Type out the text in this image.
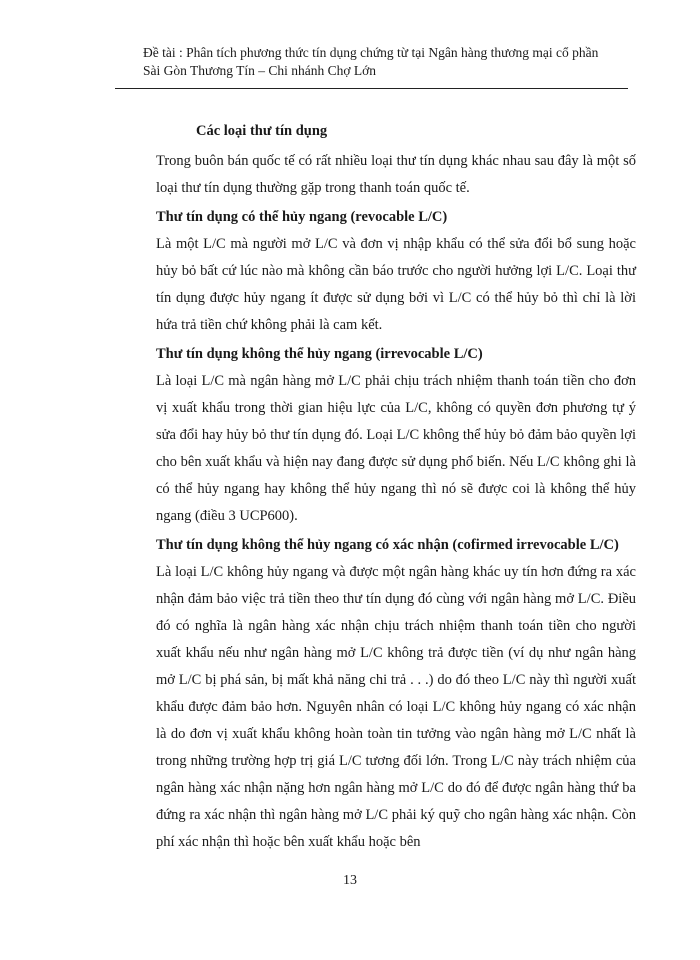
Đề tài : Phân tích phương thức tín dụng chứng từ tại Ngân hàng thương mại cổ phần
Sài Gòn Thương Tín – Chi nhánh Chợ Lớn
Các loại thư tín dụng

Trong buôn bán quốc tế có rất nhiều loại thư tín dụng khác nhau sau đây là một số loại thư tín dụng thường gặp trong thanh toán quốc tế.

Thư tín dụng có thể hủy ngang (revocable L/C)

Là một L/C mà người mở L/C và đơn vị nhập khẩu có thể sửa đổi bổ sung hoặc hủy bỏ bất cứ lúc nào mà không cần báo trước cho người hưởng lợi L/C. Loại thư tín dụng được hủy ngang ít được sử dụng bởi vì L/C có thể hủy bỏ thì chỉ là lời hứa trả tiền chứ không phải là cam kết.

Thư tín dụng không thể hủy ngang (irrevocable L/C)

Là loại L/C mà ngân hàng mở L/C phải chịu trách nhiệm thanh toán tiền cho đơn vị xuất khẩu trong thời gian hiệu lực của L/C, không có quyền đơn phương tự ý sửa đổi hay hủy bỏ thư tín dụng đó. Loại L/C không thể hủy bỏ đảm bảo quyền lợi cho bên xuất khẩu và hiện nay đang được sử dụng phổ biến. Nếu L/C không ghi là có thể hủy ngang hay không thể hủy ngang thì nó sẽ được coi là không thể hủy ngang (điều 3 UCP600).

Thư tín dụng không thể hủy ngang có xác nhận (cofirmed irrevocable L/C)

Là loại L/C không hủy ngang và được một ngân hàng khác uy tín hơn đứng ra xác nhận đảm bảo việc trả tiền theo thư tín dụng đó cùng với ngân hàng mở L/C. Điều đó có nghĩa là ngân hàng xác nhận chịu trách nhiệm thanh toán tiền cho người xuất khẩu nếu như ngân hàng mở L/C không trả được tiền (ví dụ như ngân hàng mở L/C bị phá sản, bị mất khả năng chi trả . . .) do đó theo L/C này thì người xuất khẩu được đảm bảo hơn. Nguyên nhân có loại L/C không hủy ngang có xác nhận là do đơn vị xuất khẩu không hoàn toàn tin tưởng vào ngân hàng mở L/C nhất là trong những trường hợp trị giá L/C tương đối lớn. Trong L/C này trách nhiệm của ngân hàng xác nhận nặng hơn ngân hàng mở L/C do đó để được ngân hàng thứ ba đứng ra xác nhận thì ngân hàng mở L/C phải ký quỹ cho ngân hàng xác nhận. Còn phí xác nhận thì hoặc bên xuất khẩu hoặc bên

13
